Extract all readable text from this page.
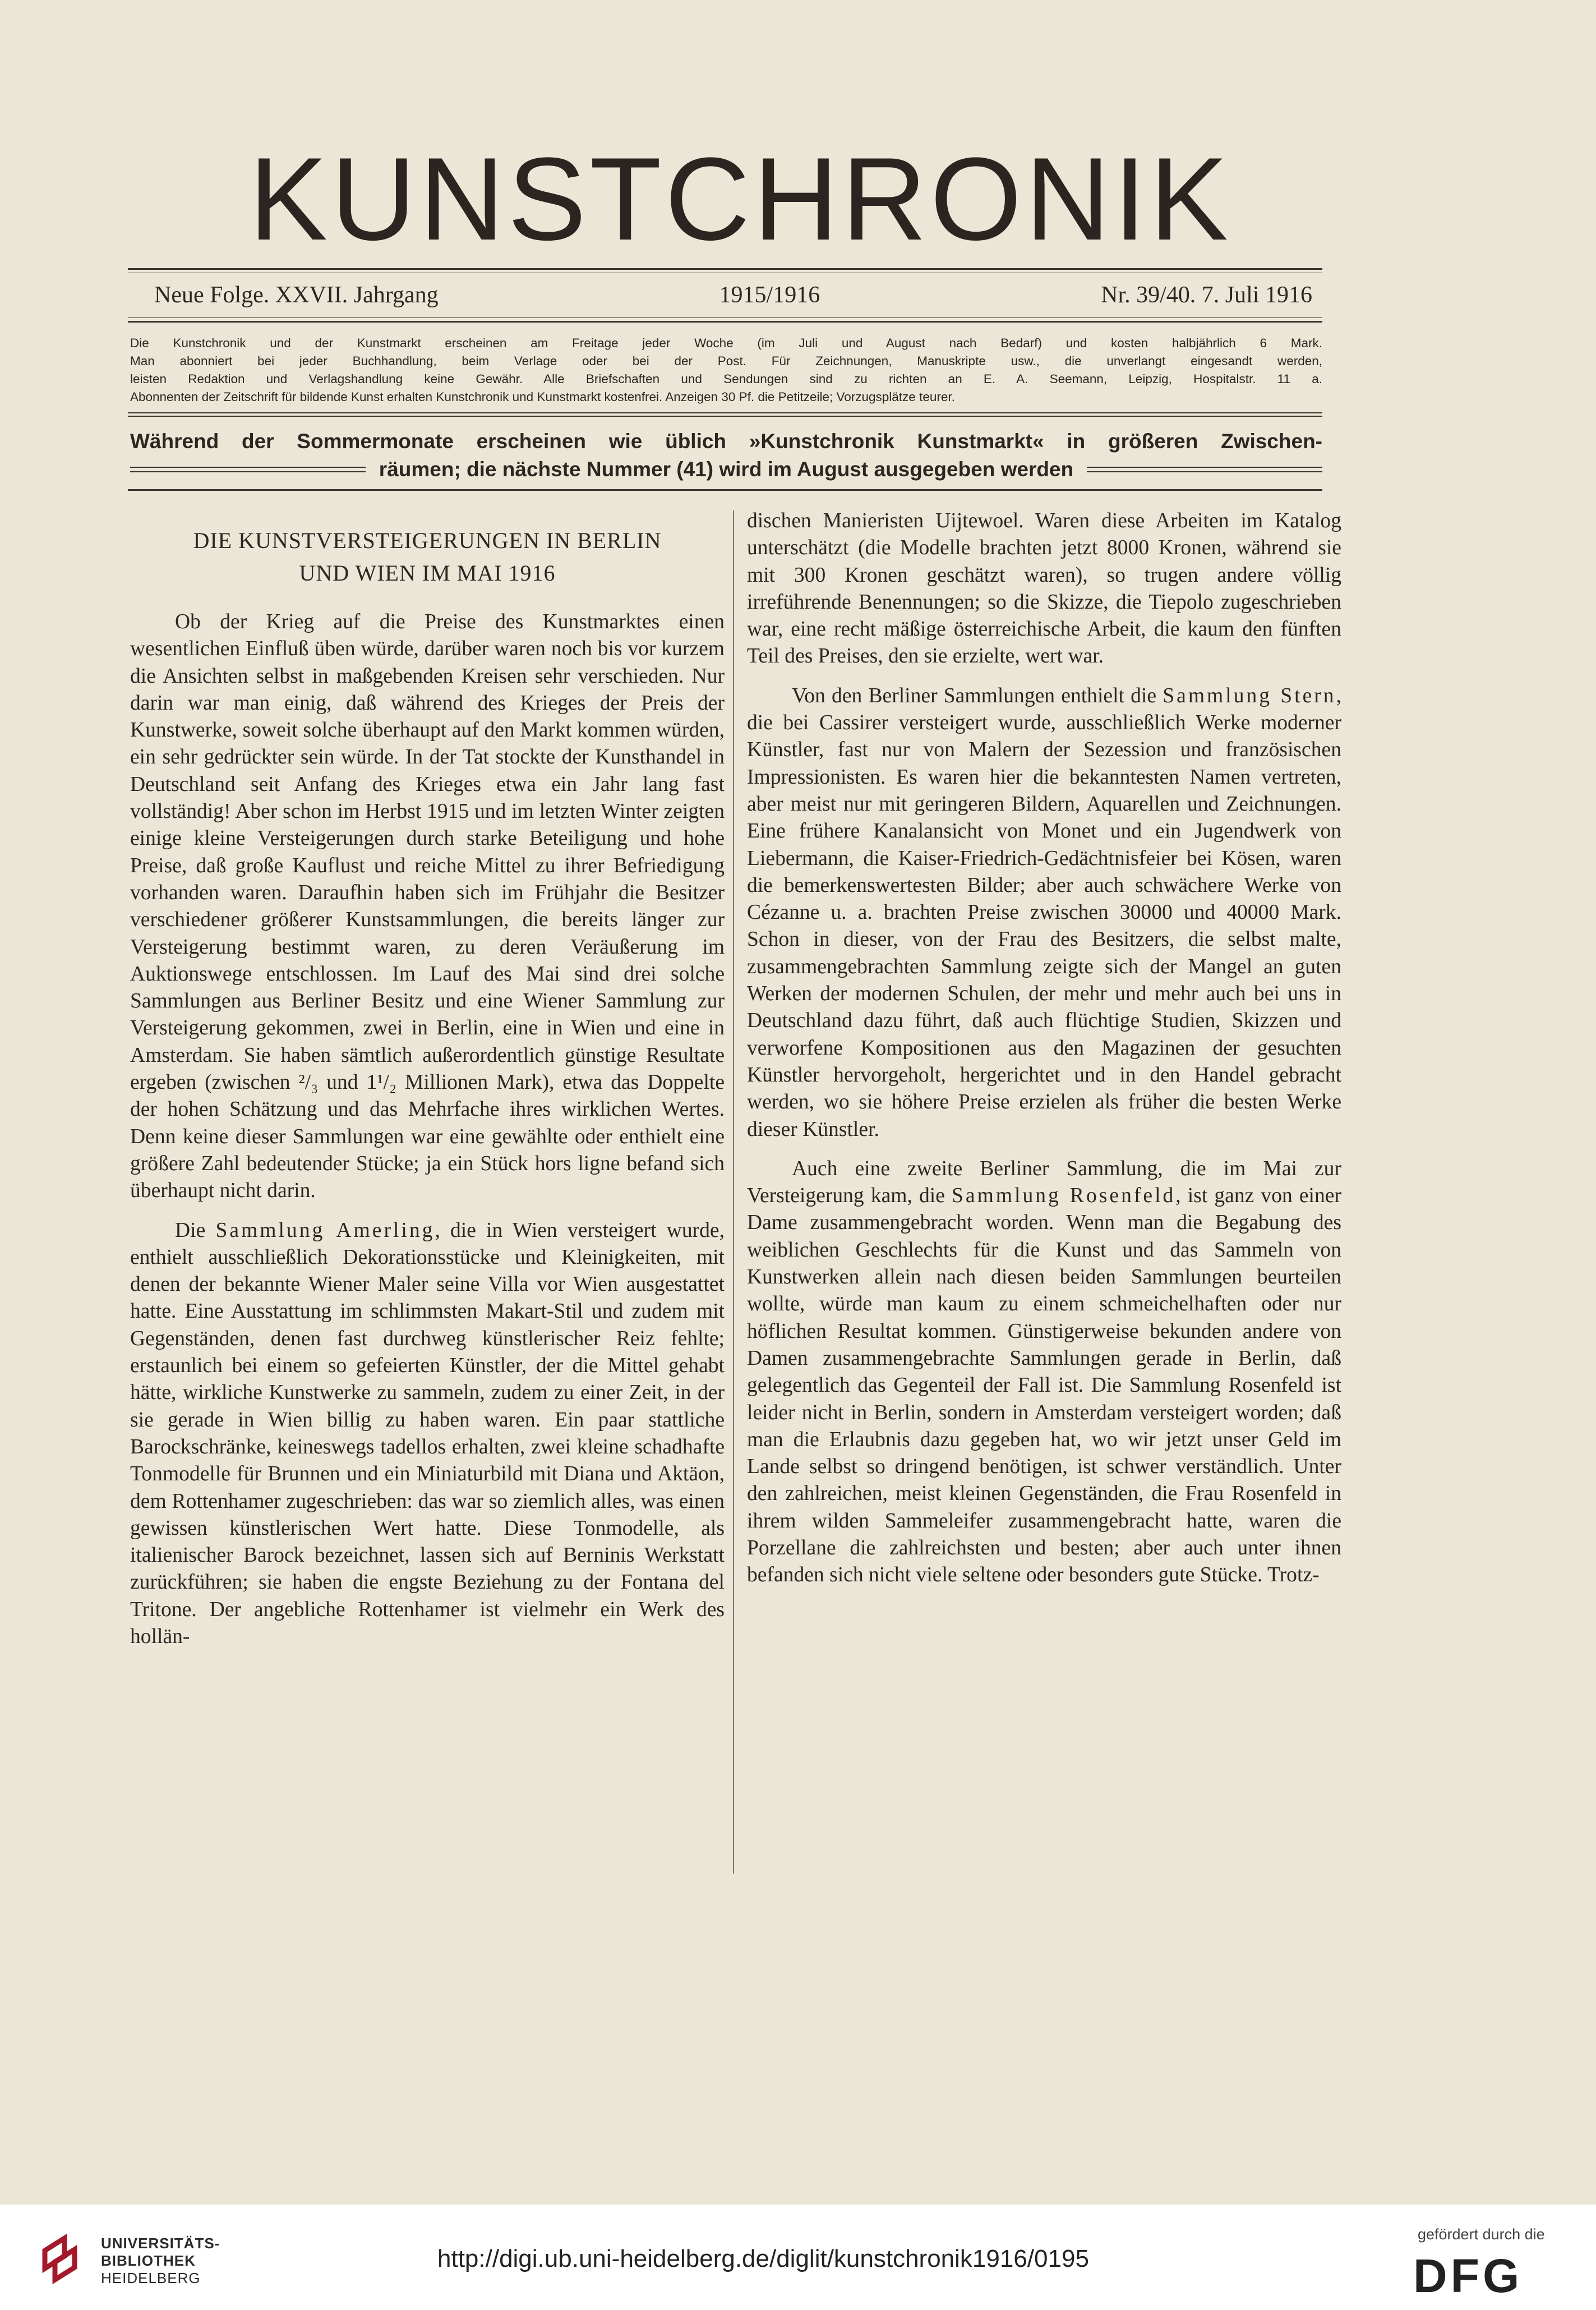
KUNSTCHRONIK
Neue Folge. XXVII. Jahrgang	1915/1916	Nr. 39/40. 7. Juli 1916

Die Kunstchronik und der Kunstmarkt erscheinen am Freitage jeder Woche (im Juli und August nach Bedarf) und kosten halbjährlich 6 Mark.

Man abonniert bei jeder Buchhandlung, beim Verlage oder bei der Post. Für Zeichnungen, Manuskripte usw., die unverlangt eingesandt werden,

leisten Redaktion und Verlagshandlung keine Gewähr. Alle Briefschaften und Sendungen sind zu richten an E. A. Seemann, Leipzig, Hospitalstr. 11 a.

Abonnenten der Zeitschrift für bildende Kunst erhalten Kunstchronik und Kunstmarkt kostenfrei. Anzeigen 30 Pf. die Petitzeile; Vorzugsplätze teurer.

Während der Sommermonate erscheinen wie üblich »Kunstchronik Kunstmarkt« in größeren Zwischen-
räumen; die nächste Nummer (41) wird im August ausgegeben werden
DIE KUNSTVERSTEIGERUNGEN IN BERLIN
UND WIEN IM MAI 1916

Ob der Krieg auf die Preise des Kunstmarktes einen wesentlichen Einfluß üben würde, darüber waren noch bis vor kurzem die Ansichten selbst in maßgebenden Kreisen sehr verschieden. Nur darin war man einig, daß während des Krieges der Preis der Kunstwerke, soweit solche überhaupt auf den Markt kommen würden, ein sehr gedrückter sein würde. In der Tat stockte der Kunsthandel in Deutschland seit Anfang des Krieges etwa ein Jahr lang fast vollständig! Aber schon im Herbst 1915 und im letzten Winter zeigten einige kleine Versteigerungen durch starke Beteiligung und hohe Preise, daß große Kauflust und reiche Mittel zu ihrer Befriedigung vorhanden waren. Daraufhin haben sich im Frühjahr die Besitzer verschiedener größerer Kunstsammlungen, die bereits länger zur Versteigerung bestimmt waren, zu deren Veräußerung im Auktionswege entschlossen. Im Lauf des Mai sind drei solche Sammlungen aus Berliner Besitz und eine Wiener Sammlung zur Versteigerung gekommen, zwei in Berlin, eine in Wien und eine in Amsterdam. Sie haben sämtlich außerordentlich günstige Resultate ergeben (zwischen ²/₃ und 1¹/₂ Millionen Mark), etwa das Doppelte der hohen Schätzung und das Mehrfache ihres wirklichen Wertes. Denn keine dieser Sammlungen war eine gewählte oder enthielt eine größere Zahl bedeutender Stücke; ja ein Stück hors ligne befand sich überhaupt nicht darin.

Die Sammlung Amerling, die in Wien versteigert wurde, enthielt ausschließlich Dekorationsstücke und Kleinigkeiten, mit denen der bekannte Wiener Maler seine Villa vor Wien ausgestattet hatte. Eine Ausstattung im schlimmsten Makart-Stil und zudem mit Gegenständen, denen fast durchweg künstlerischer Reiz fehlte; erstaunlich bei einem so gefeierten Künstler, der die Mittel gehabt hätte, wirkliche Kunstwerke zu sammeln, zudem zu einer Zeit, in der sie gerade in Wien billig zu haben waren. Ein paar stattliche Barockschränke, keineswegs tadellos erhalten, zwei kleine schadhafte Tonmodelle für Brunnen und ein Miniaturbild mit Diana und Aktäon, dem Rottenhamer zugeschrieben: das war so ziemlich alles, was einen gewissen künstlerischen Wert hatte. Diese Tonmodelle, als italienischer Barock bezeichnet, lassen sich auf Berninis Werkstatt zurückführen; sie haben die engste Beziehung zu der Fontana del Tritone. Der angebliche Rottenhamer ist vielmehr ein Werk des hollän-

dischen Manieristen Uijtewoel. Waren diese Arbeiten im Katalog unterschätzt (die Modelle brachten jetzt 8000 Kronen, während sie mit 300 Kronen geschätzt waren), so trugen andere völlig irreführende Benennungen; so die Skizze, die Tiepolo zugeschrieben war, eine recht mäßige österreichische Arbeit, die kaum den fünften Teil des Preises, den sie erzielte, wert war.

Von den Berliner Sammlungen enthielt die Sammlung Stern, die bei Cassirer versteigert wurde, ausschließlich Werke moderner Künstler, fast nur von Malern der Sezession und französischen Impressionisten. Es waren hier die bekanntesten Namen vertreten, aber meist nur mit geringeren Bildern, Aquarellen und Zeichnungen. Eine frühere Kanalansicht von Monet und ein Jugendwerk von Liebermann, die Kaiser-Friedrich-Gedächtnisfeier bei Kösen, waren die bemerkenswertesten Bilder; aber auch schwächere Werke von Cézanne u. a. brachten Preise zwischen 30000 und 40000 Mark. Schon in dieser, von der Frau des Besitzers, die selbst malte, zusammengebrachten Sammlung zeigte sich der Mangel an guten Werken der modernen Schulen, der mehr und mehr auch bei uns in Deutschland dazu führt, daß auch flüchtige Studien, Skizzen und verworfene Kompositionen aus den Magazinen der gesuchten Künstler hervorgeholt, hergerichtet und in den Handel gebracht werden, wo sie höhere Preise erzielen als früher die besten Werke dieser Künstler.

Auch eine zweite Berliner Sammlung, die im Mai zur Versteigerung kam, die Sammlung Rosenfeld, ist ganz von einer Dame zusammengebracht worden. Wenn man die Begabung des weiblichen Geschlechts für die Kunst und das Sammeln von Kunstwerken allein nach diesen beiden Sammlungen beurteilen wollte, würde man kaum zu einem schmeichelhaften oder nur höflichen Resultat kommen. Günstigerweise bekunden andere von Damen zusammengebrachte Sammlungen gerade in Berlin, daß gelegentlich das Gegenteil der Fall ist. Die Sammlung Rosenfeld ist leider nicht in Berlin, sondern in Amsterdam versteigert worden; daß man die Erlaubnis dazu gegeben hat, wo wir jetzt unser Geld im Lande selbst so dringend benötigen, ist schwer verständlich. Unter den zahlreichen, meist kleinen Gegenständen, die Frau Rosenfeld in ihrem wilden Sammeleifer zusammengebracht hatte, waren die Porzellane die zahlreichsten und besten; aber auch unter ihnen befanden sich nicht viele seltene oder besonders gute Stücke. Trotz-

UNIVERSITÄTS-
BIBLIOTHEK
HEIDELBERG
http://digi.ub.uni-heidelberg.de/diglit/kunstchronik1916/0195
gefördert durch die
DFG
